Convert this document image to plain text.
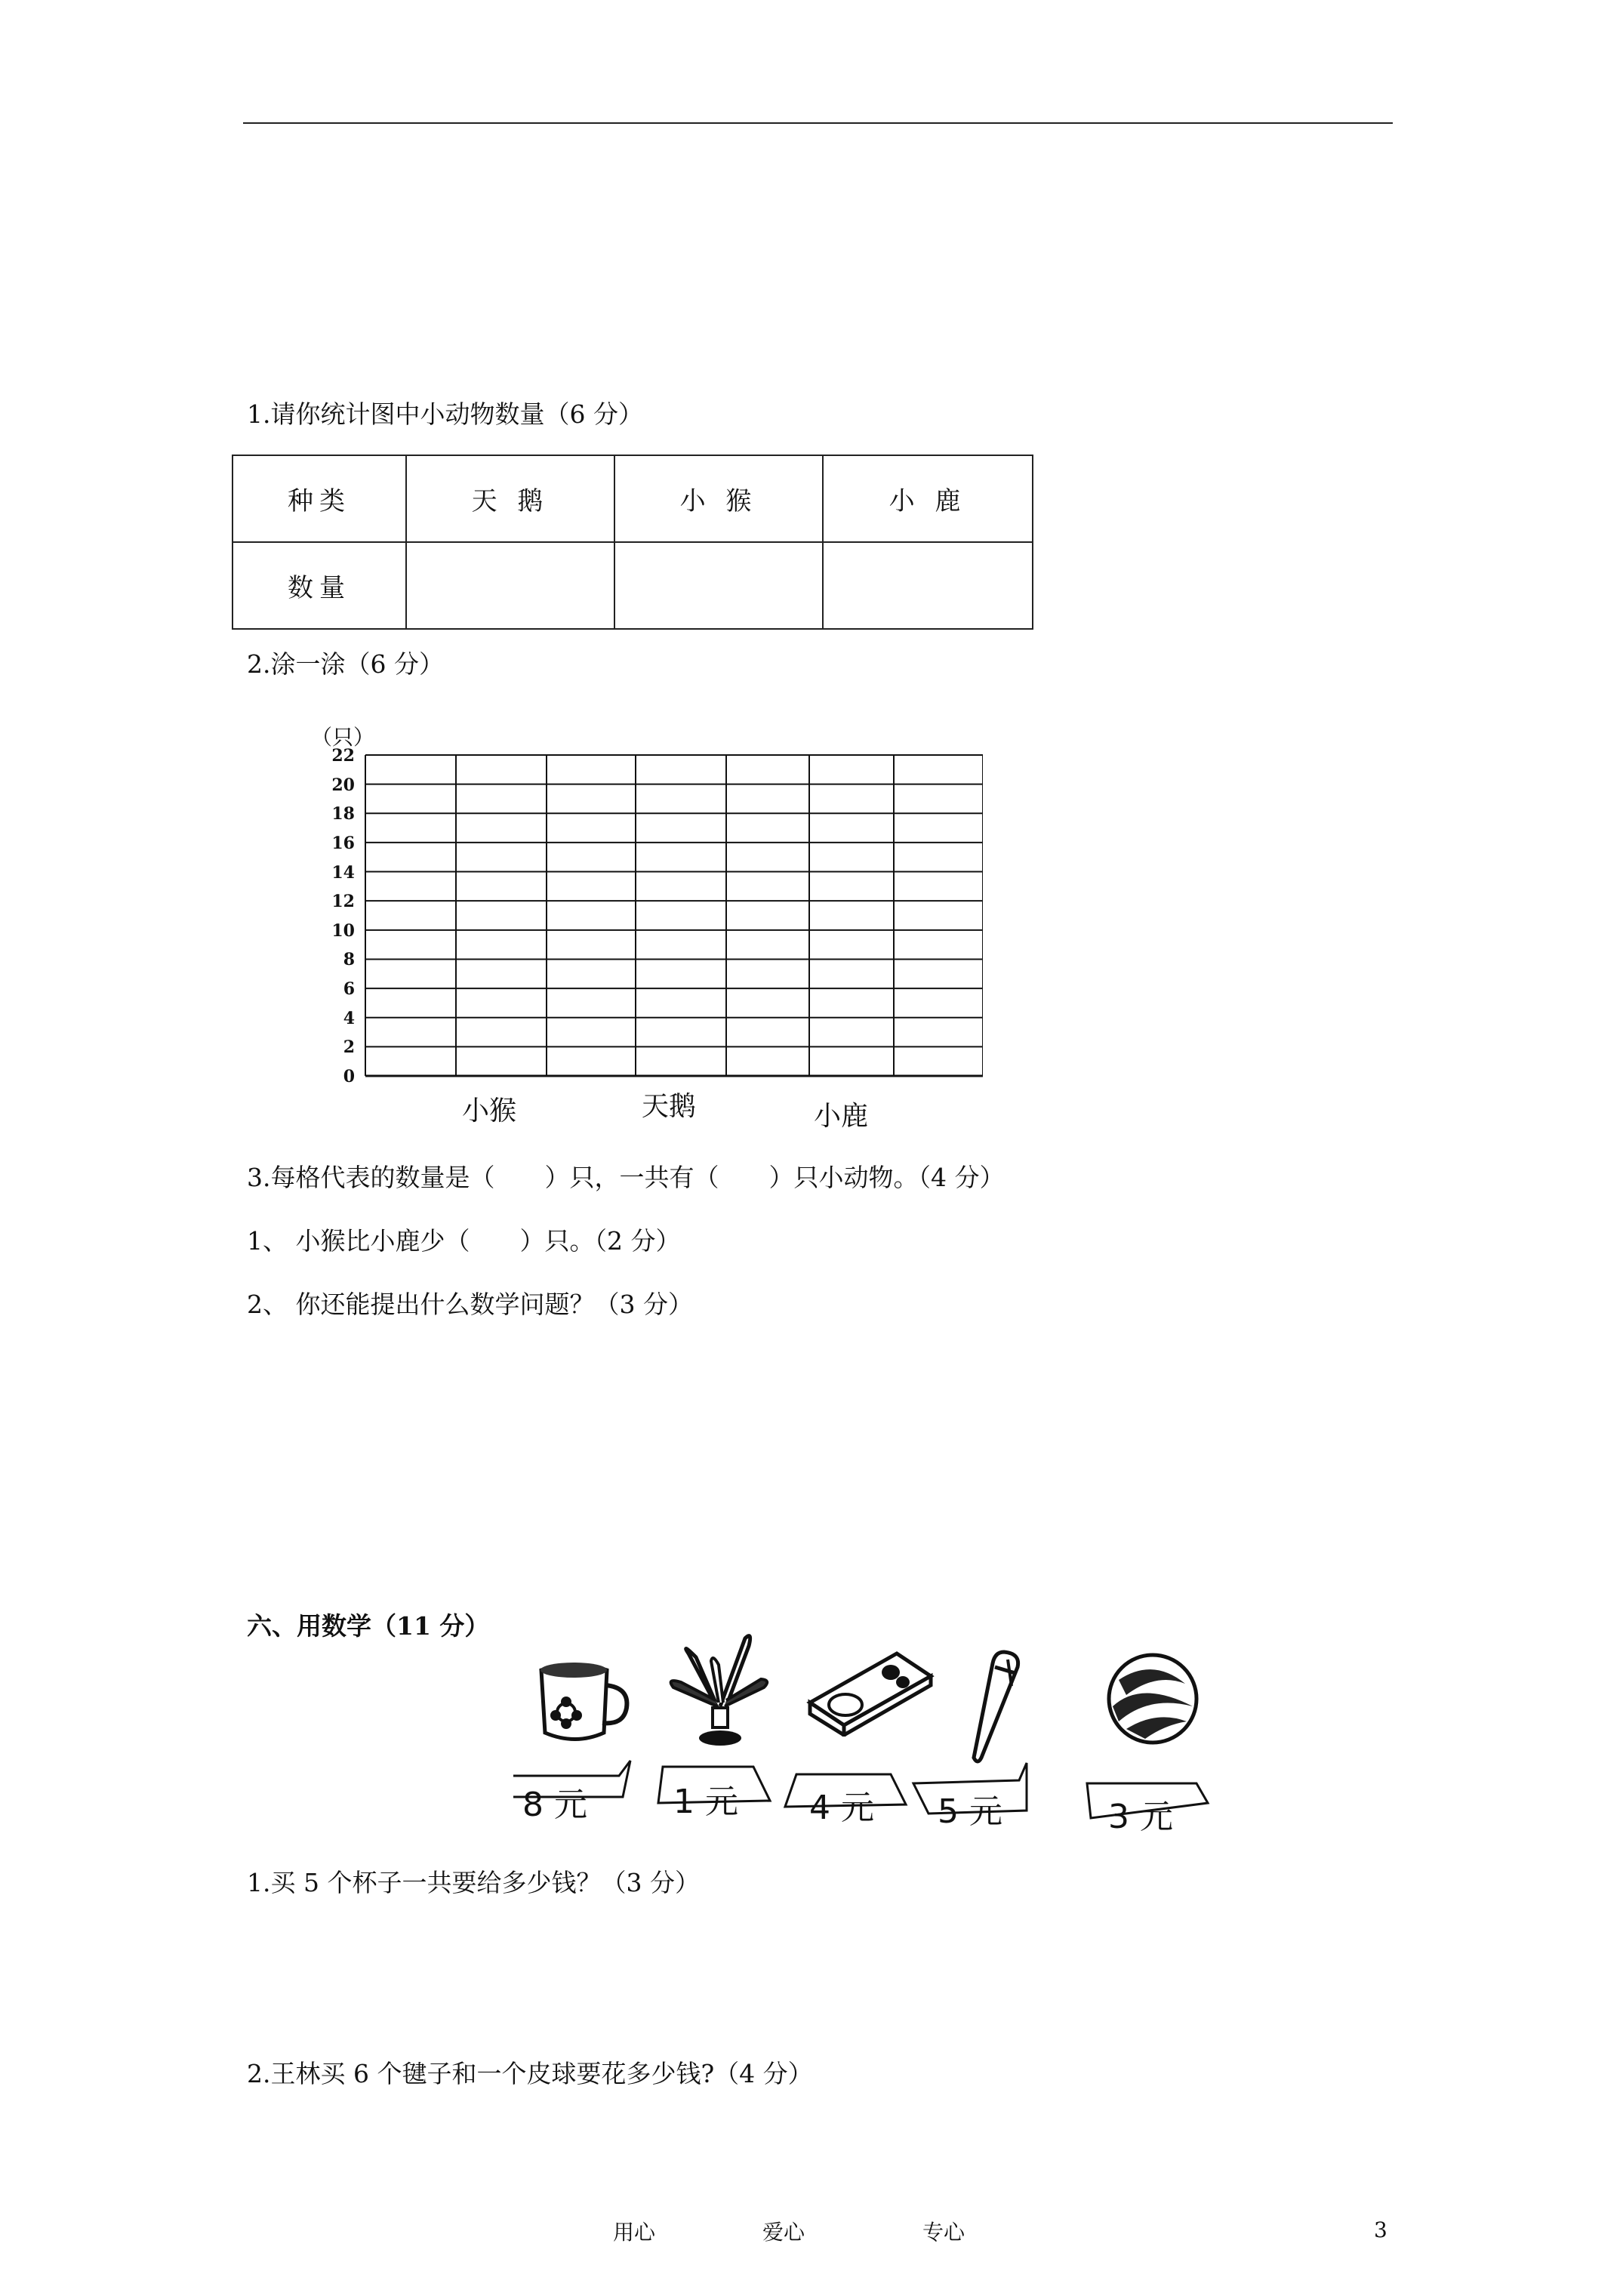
1.请你统计图中小动物数量（6 分）
种类	天 鹅	小 猴	小 鹿
数量
2.涂一涂（6 分）
（只）
22
20
18
16
14
12
10
8
6
4
2
0
小猴	天鹅	小鹿
3.每格代表的数量是（　　）只，一共有（　　）只小动物。（4 分）
1、 小猴比小鹿少（　　）只。（2 分）
2、 你还能提出什么数学问题？（3 分）
六、用数学（11 分）
8 元	1 元 4 元 5 元	3 元
1.买 5 个杯子一共要给多少钱？（3 分）
2.王林买 6 个毽子和一个皮球要花多少钱?（4 分）
用心	爱心	专心	3
